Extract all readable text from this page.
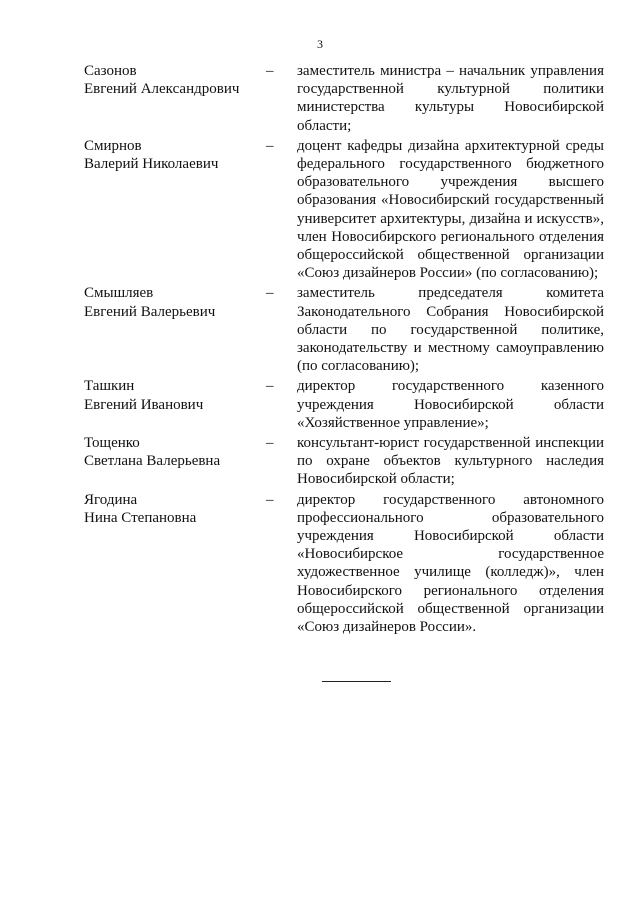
3
Сазонов
Евгений Александрович
–	заместитель министра – начальник управления государственной культурной политики министерства культуры Новосибирской области;
Смирнов
Валерий Николаевич
–	доцент кафедры дизайна архитектурной среды федерального государственного бюджетного образовательного учреждения высшего образования «Новосибирский государственный университет архитектуры, дизайна и искусств», член Новосибирского регионального отделения общероссийской общественной организации «Союз дизайнеров России» (по согласованию);
Смышляев
Евгений Валерьевич
–	заместитель председателя комитета Законодательного Собрания Новосибирской области по государственной политике, законодательству и местному самоуправлению (по согласованию);
Ташкин
Евгений Иванович
–	директор государственного казенного учреждения Новосибирской области «Хозяйственное управление»;
Тощенко
Светлана Валерьевна
–	консультант-юрист государственной инспекции по охране объектов культурного наследия Новосибирской области;
Ягодина
Нина Степановна
–	директор государственного автономного профессионального образовательного учреждения Новосибирской области «Новосибирское государственное художественное училище (колледж)», член Новосибирского регионального отделения общероссийской общественной организации «Союз дизайнеров России».
